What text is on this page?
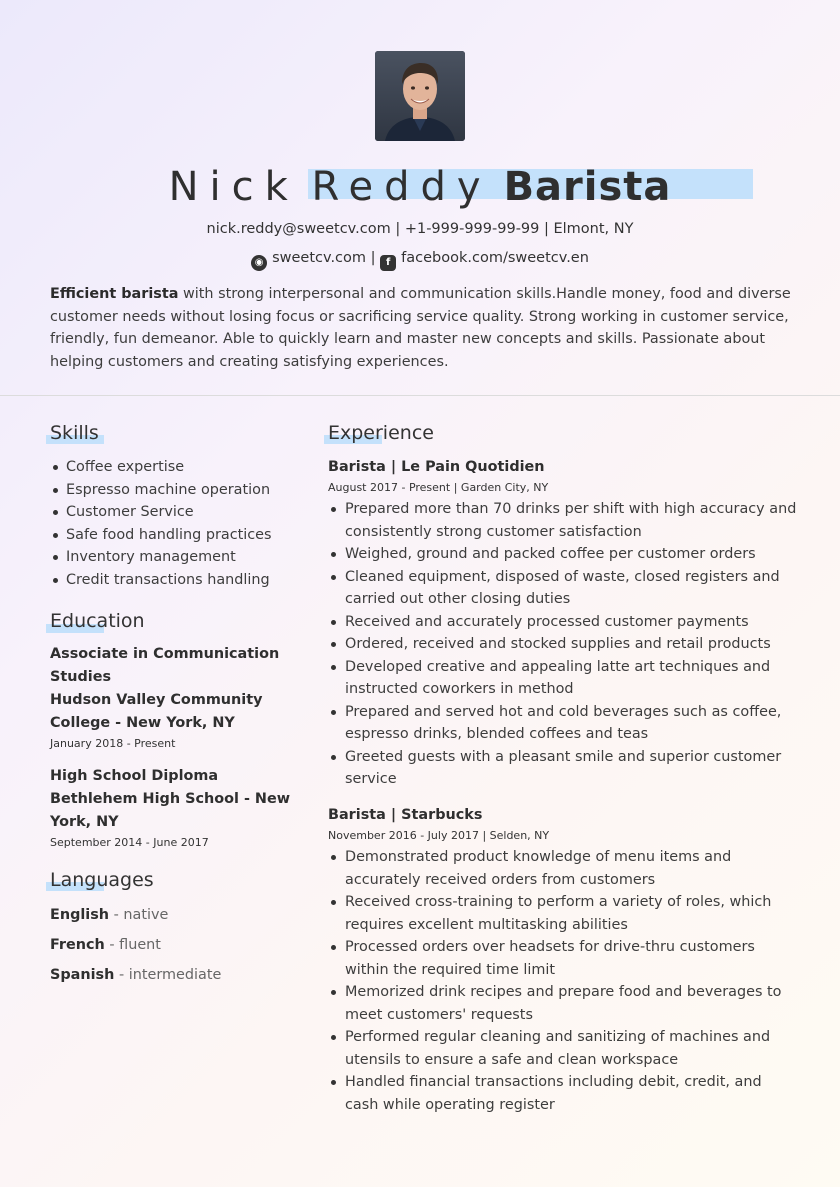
Nick Reddy Barista
nick.reddy@sweetcv.com | +1-999-999-99-99 | Elmont, NY
◉ sweetcv.com | f facebook.com/sweetcv.en
Efficient barista with strong interpersonal and communication skills.Handle money, food and diverse customer needs without losing focus or sacrificing service quality. Strong working in customer service, friendly, fun demeanor. Able to quickly learn and master new concepts and skills. Passionate about helping customers and creating satisfying experiences.
Skills
Coffee expertise
Espresso machine operation
Customer Service
Safe food handling practices
Inventory management
Credit transactions handling
Education
Associate in Communication Studies
Hudson Valley Community College - New York, NY
January 2018 - Present
High School Diploma
Bethlehem High School - New York, NY
September 2014 - June 2017
Languages
English - native
French - fluent
Spanish - intermediate
Experience
Barista | Le Pain Quotidien
August 2017 - Present | Garden City, NY
Prepared more than 70 drinks per shift with high accuracy and consistently strong customer satisfaction
Weighed, ground and packed coffee per customer orders
Cleaned equipment, disposed of waste, closed registers and carried out other closing duties
Received and accurately processed customer payments
Ordered, received and stocked supplies and retail products
Developed creative and appealing latte art techniques and instructed coworkers in method
Prepared and served hot and cold beverages such as coffee, espresso drinks, blended coffees and teas
Greeted guests with a pleasant smile and superior customer service
Barista | Starbucks
November 2016 - July 2017 | Selden, NY
Demonstrated product knowledge of menu items and accurately received orders from customers
Received cross-training to perform a variety of roles, which requires excellent multitasking abilities
Processed orders over headsets for drive-thru customers within the required time limit
Memorized drink recipes and prepare food and beverages to meet customers' requests
Performed regular cleaning and sanitizing of machines and utensils to ensure a safe and clean workspace
Handled financial transactions including debit, credit, and cash while operating register
